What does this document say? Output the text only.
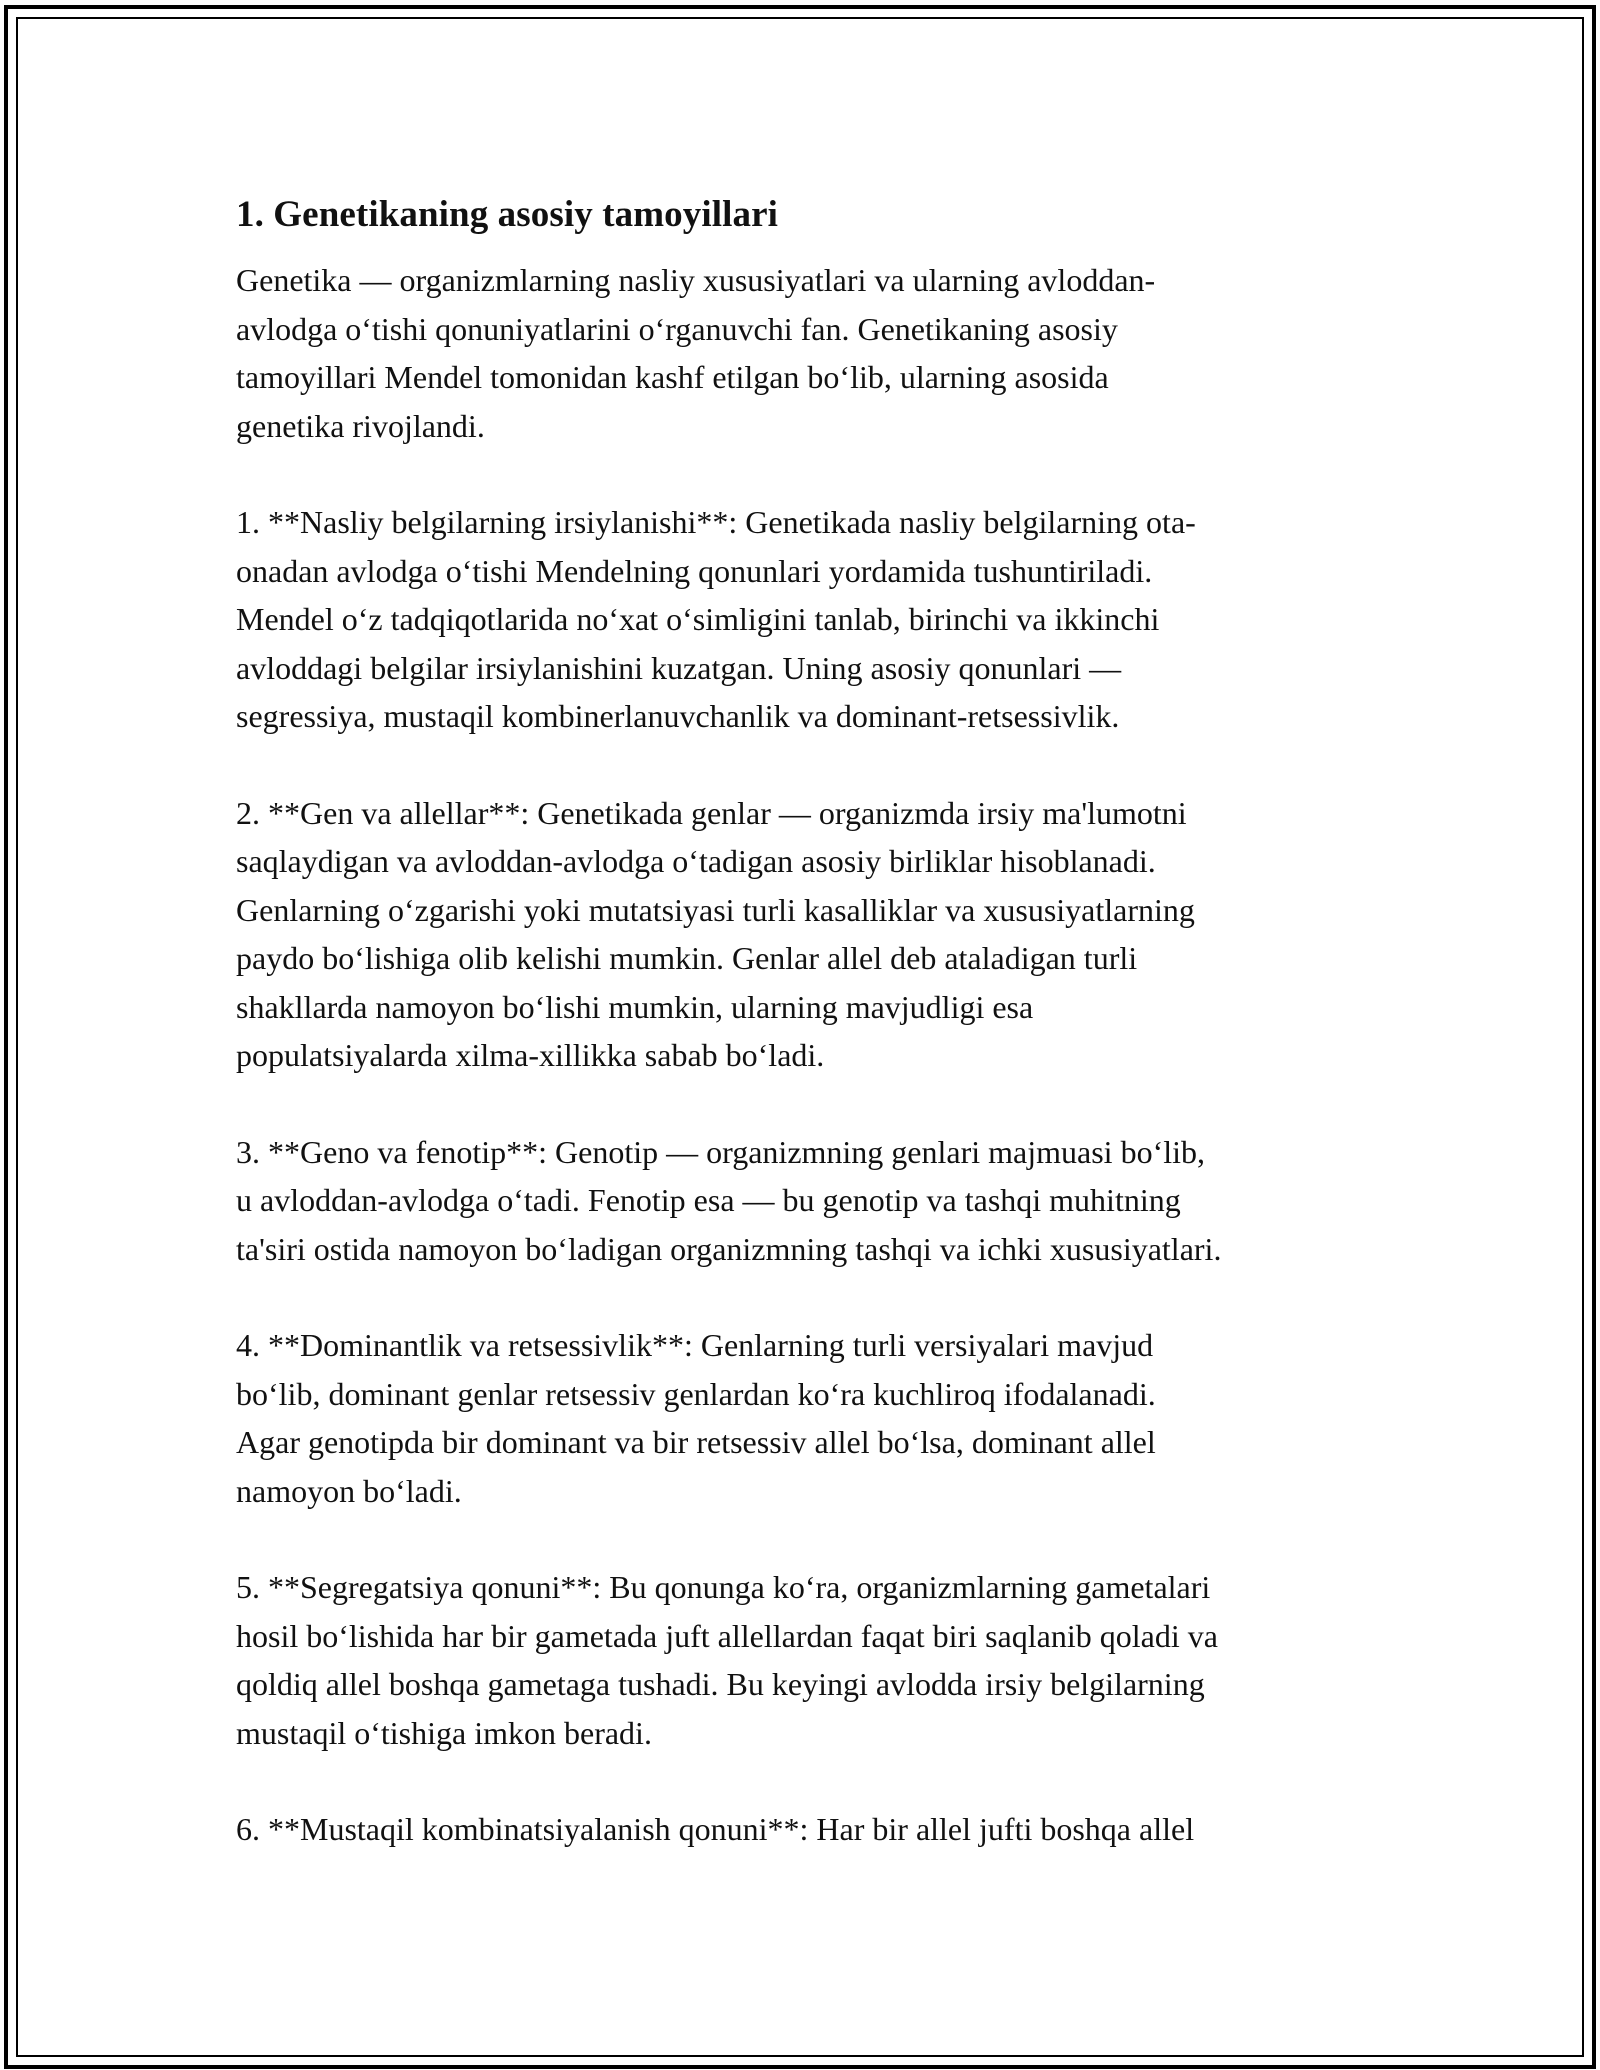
1. Genetikaning asosiy tamoyillari

Genetika — organizmlarning nasliy xususiyatlari va ularning avloddan-
avlodga o‘tishi qonuniyatlarini o‘rganuvchi fan. Genetikaning asosiy
tamoyillari Mendel tomonidan kashf etilgan bo‘lib, ularning asosida
genetika rivojlandi.

1. **Nasliy belgilarning irsiylanishi**: Genetikada nasliy belgilarning ota-
onadan avlodga o‘tishi Mendelning qonunlari yordamida tushuntiriladi.
Mendel o‘z tadqiqotlarida no‘xat o‘simligini tanlab, birinchi va ikkinchi
avloddagi belgilar irsiylanishini kuzatgan. Uning asosiy qonunlari —
segressiya, mustaqil kombinerlanuvchanlik va dominant-retsessivlik.

2. **Gen va allellar**: Genetikada genlar — organizmda irsiy ma'lumotni
saqlaydigan va avloddan-avlodga o‘tadigan asosiy birliklar hisoblanadi.
Genlarning o‘zgarishi yoki mutatsiyasi turli kasalliklar va xususiyatlarning
paydo bo‘lishiga olib kelishi mumkin. Genlar allel deb ataladigan turli
shakllarda namoyon bo‘lishi mumkin, ularning mavjudligi esa
populatsiyalarda xilma-xillikka sabab bo‘ladi.

3. **Geno va fenotip**: Genotip — organizmning genlari majmuasi bo‘lib,
u avloddan-avlodga o‘tadi. Fenotip esa — bu genotip va tashqi muhitning
ta'siri ostida namoyon bo‘ladigan organizmning tashqi va ichki xususiyatlari.

4. **Dominantlik va retsessivlik**: Genlarning turli versiyalari mavjud
bo‘lib, dominant genlar retsessiv genlardan ko‘ra kuchliroq ifodalanadi.
Agar genotipda bir dominant va bir retsessiv allel bo‘lsa, dominant allel
namoyon bo‘ladi.

5. **Segregatsiya qonuni**: Bu qonunga ko‘ra, organizmlarning gametalari
hosil bo‘lishida har bir gametada juft allellardan faqat biri saqlanib qoladi va
qoldiq allel boshqa gametaga tushadi. Bu keyingi avlodda irsiy belgilarning
mustaqil o‘tishiga imkon beradi.

6. **Mustaqil kombinatsiyalanish qonuni**: Har bir allel jufti boshqa allel
